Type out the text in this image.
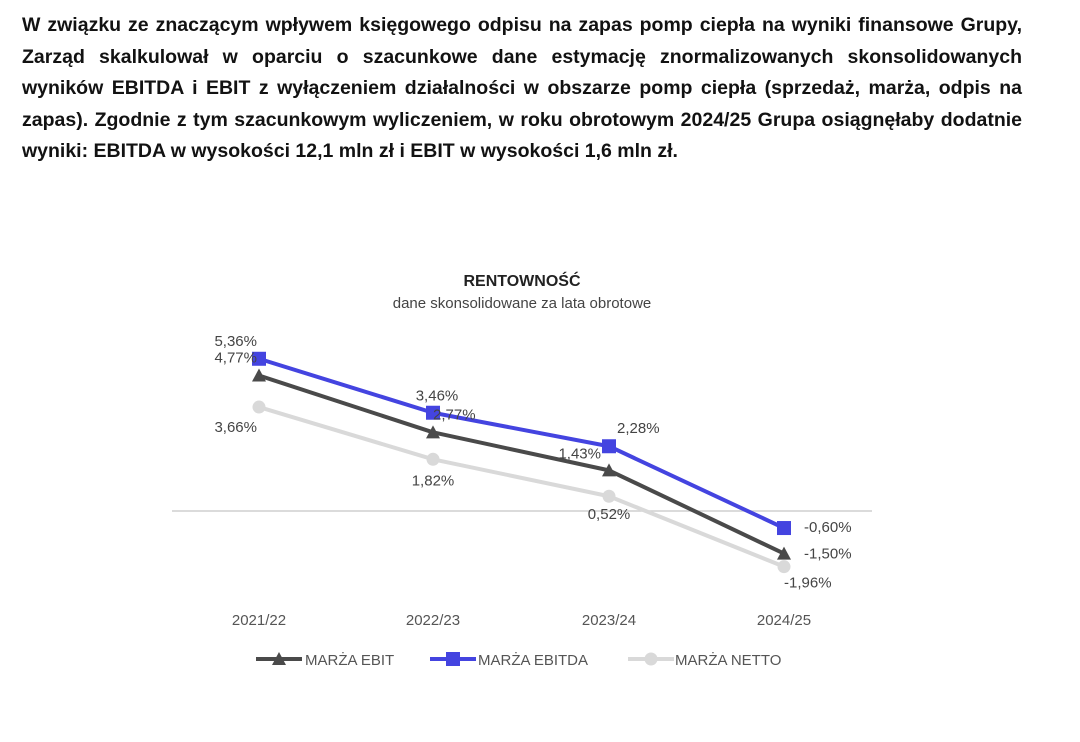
W związku ze znaczącym wpływem księgowego odpisu na zapas pomp ciepła na wyniki finansowe Grupy, Zarząd skalkulował w oparciu o szacunkowe dane estymację znormalizowanych skonsolidowanych wyników EBITDA i EBIT z wyłączeniem działalności w obszarze pomp ciepła (sprzedaż, marża, odpis na zapas). Zgodnie z tym szacunkowym wyliczeniem, w roku obrotowym 2024/25 Grupa osiągnęłaby dodatnie wyniki: EBITDA w wysokości 12,1 mln zł i EBIT w wysokości 1,6 mln zł.

RENTOWNOŚĆ
dane skonsolidowane za lata obrotowe
2021/22	2022/23	2023/24	2024/25
5,36%
3,46%
2,28%
-0,60%
4,77%
2,77%
1,43%
-1,50%
3,66%
1,82%
0,52%
-1,96%
MARŻA EBIT	MARŻA EBITDA	MARŻA NETTO
